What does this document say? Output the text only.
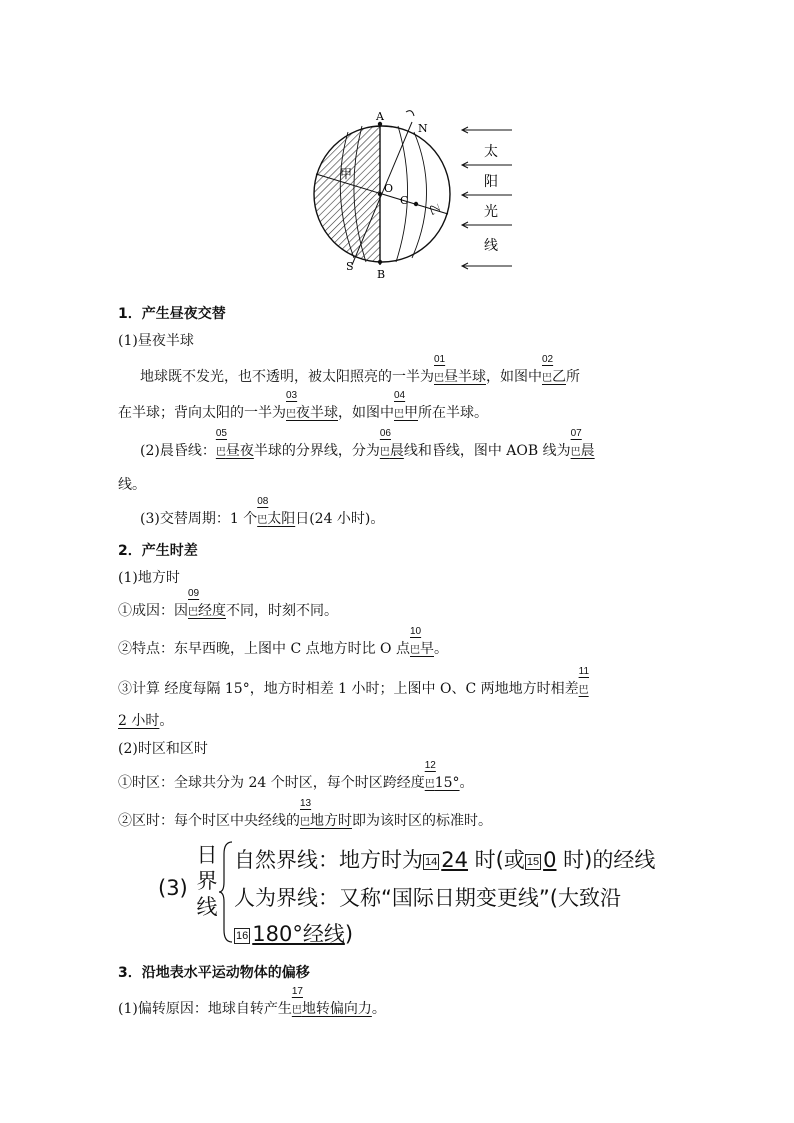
A
B
N
S
O
C
甲
乙
太
阳
光
线
1．产生昼夜交替
(1)昼夜半球
地球既不发光，也不透明，被太阳照亮的一半为
01
巴昼半球，如图中
02
巴乙所
在半球；背向太阳的一半为
03
巴夜半球，如图中
04
巴甲所在半球。
(2)晨昏线：
05
巴昼夜半球的分界线，分为
06
巴晨线和昏线，图中 AOB 线为
07
巴晨
线。
(3)交替周期：1 个
08
巴太阳日(24 小时)。
2．产生时差
(1)地方时
①成因：因
09
巴经度不同，时刻不同。
②特点：东早西晚，上图中 C 点地方时比 O 点
10
巴早。
③计算 经度每隔 15°，地方时相差 1 小时；上图中 O、C 两地地方时相差
11
巴
2 小时。
(2)时区和区时
①时区：全球共分为 24 个时区，每个时区跨经度
12
巴15°。
②区时：每个时区中央经线的
13
巴地方时即为该时区的标准时。
(3)
日
界
线
自然界线：地方时为 14 24 时(或 15 0 时)的经线
人为界线：又称“国际日期变更线”(大致沿
16 180°经线)
3．沿地表水平运动物体的偏移
(1)偏转原因：地球自转产生
17
巴地转偏向力。
